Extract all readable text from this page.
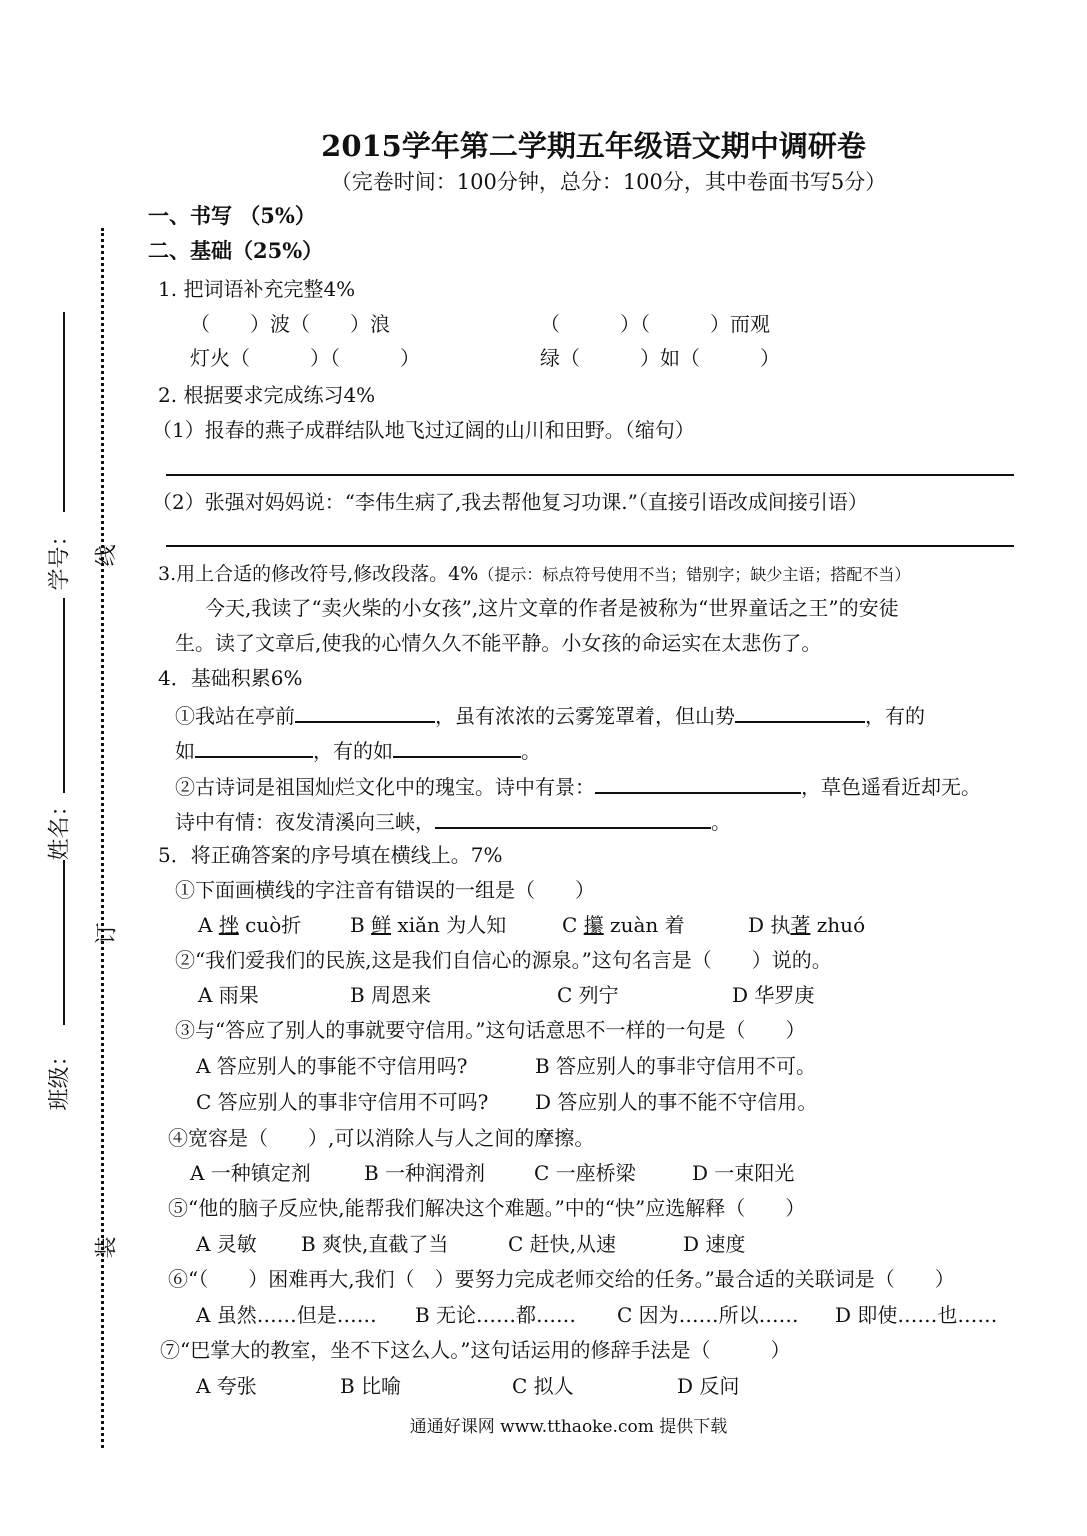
线
订
装
学号：
姓名：
班级：
2015学年第二学期五年级语文期中调研卷
（完卷时间：100分钟，总分：100分，其中卷面书写5分）
一、书写 （5%）
二、基础（25%）
1. 把词语补充完整4%
（　　）波（　　）浪	（　　　）（　　　）而观
灯火（　　　）（　　　）	绿（　　　）如（　　　）
2. 根据要求完成练习4%
（1）报春的燕子成群结队地飞过辽阔的山川和田野。（缩句）
（2）张强对妈妈说：“李伟生病了,我去帮他复习功课.”（直接引语改成间接引语）
3.用上合适的修改符号,修改段落。4%（提示：标点符号使用不当；错别字；缺少主语；搭配不当）
今天,我读了“卖火柴的小女孩”,这片文章的作者是被称为“世界童话之王”的安徒
生。读了文章后,使我的心情久久不能平静。小女孩的命运实在太悲伤了。
4．基础积累6%
①我站在亭前	，虽有浓浓的云雾笼罩着，但山势	，有的
如	，有的如	。
②古诗词是祖国灿烂文化中的瑰宝。诗中有景：	，草色遥看近却无。
诗中有情：夜发清溪向三峡，	。
5．将正确答案的序号填在横线上。7%
①下面画横线的字注音有错误的一组是（　　）
A 挫 cuò折 B 鲜 xiǎn 为人知	C 攥 zuàn 着	D 执著 zhuó
②“我们爱我们的民族,这是我们自信心的源泉。”这句名言是（　　）说的。
A 雨果	B 周恩来	C 列宁	D 华罗庚
③与“答应了别人的事就要守信用。”这句话意思不一样的一句是（　　）
A 答应别人的事能不守信用吗?	B 答应别人的事非守信用不可。
C 答应别人的事非守信用不可吗? D 答应别人的事不能不守信用。
④宽容是（　　）,可以消除人与人之间的摩擦。
A 一种镇定剂	B 一种润滑剂 C 一座桥梁	D 一束阳光
⑤“他的脑子反应快,能帮我们解决这个难题。”中的“快”应选解释（　　）
A 灵敏 B 爽快,直截了当	C 赶快,从速	D 速度
⑥“（　　）困难再大,我们（　）要努力完成老师交给的任务。”最合适的关联词是（　　）
A 虽然……但是…… B 无论……都…… C 因为……所以…… D 即使……也……
⑦“巴掌大的教室，坐不下这么人。”这句话运用的修辞手法是（　　　）
A 夸张	B 比喻	C 拟人	D 反问
通通好课网 www.tthaoke.com 提供下载
